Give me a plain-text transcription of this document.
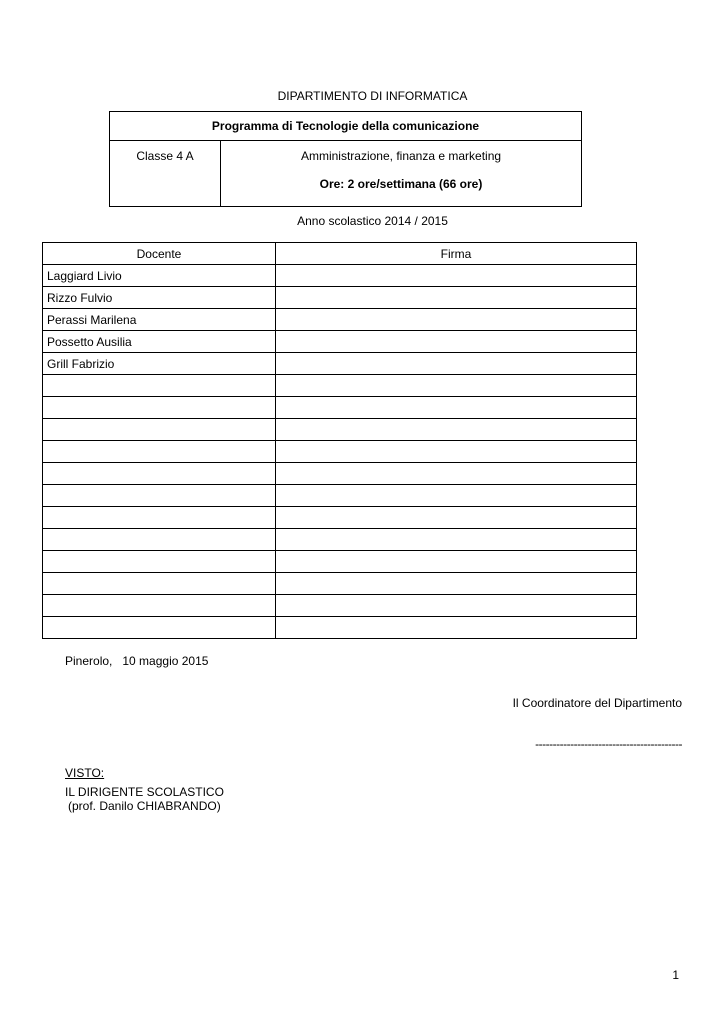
DIPARTIMENTO DI INFORMATICA
Programma di Tecnologie della comunicazione
Classe 4 A	Amministrazione, finanza e marketing
Ore: 2 ore/settimana (66 ore)
Anno scolastico 2014 / 2015
Docente	Firma
Laggiard Livio	
Rizzo Fulvio	
Perassi Marilena	
Possetto Ausilia	
Grill Fabrizio	

Pinerolo,   10 maggio 2015
Il Coordinatore del Dipartimento
------------------------------------------
VISTO:
IL DIRIGENTE SCOLASTICO
(prof. Danilo CHIABRANDO)
1
